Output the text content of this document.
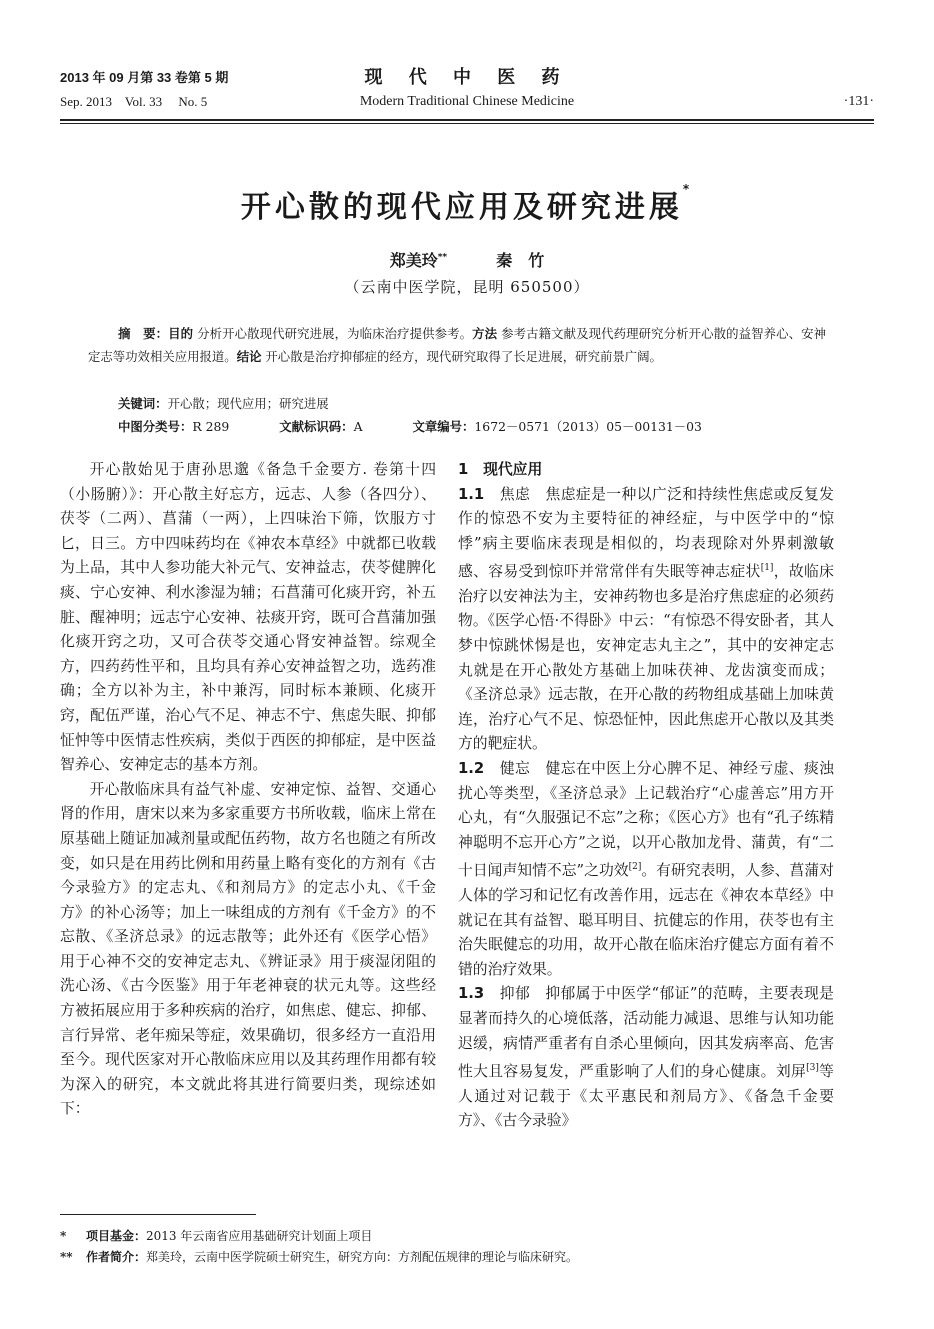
2013 年 09 月第 33 卷第 5 期
Sep. 2013    Vol. 33     No. 5
现 代 中 医 药
Modern Traditional Chinese Medicine	·131·
开心散的现代应用及研究进展*
郑美玲**	秦　竹
（云南中医学院，昆明 650500）
摘　要：目的 分析开心散现代研究进展，为临床治疗提供参考。方法 参考古籍文献及现代药理研究分析开心散的益智养心、安神定志等功效相关应用报道。结论 开心散是治疗抑郁症的经方，现代研究取得了长足进展，研究前景广阔。
关键词：开心散；现代应用；研究进展
中图分类号：R 289	文献标识码：A	文章编号：1672－0571（2013）05－00131－03

开心散始见于唐孙思邈《备急千金要方. 卷第十四（小肠腑）》：开心散主好忘方，远志、人参（各四分）、茯苓（二两）、菖蒲（一两），上四味治下筛，饮服方寸匕，日三。方中四味药均在《神农本草经》中就都已收载为上品，其中人参功能大补元气、安神益志，茯苓健脾化痰、宁心安神、利水渗湿为辅；石菖蒲可化痰开窍，补五脏、醒神明；远志宁心安神、祛痰开窍，既可合菖蒲加强化痰开窍之功，又可合茯苓交通心肾安神益智。综观全方，四药药性平和，且均具有养心安神益智之功，选药准确；全方以补为主，补中兼泻，同时标本兼顾、化痰开窍，配伍严谨，治心气不足、神志不宁、焦虑失眠、抑郁怔忡等中医情志性疾病，类似于西医的抑郁症，是中医益智养心、安神定志的基本方剂。

开心散临床具有益气补虚、安神定惊、益智、交通心肾的作用，唐宋以来为多家重要方书所收载，临床上常在原基础上随证加减剂量或配伍药物，故方名也随之有所改变，如只是在用药比例和用药量上略有变化的方剂有《古今录验方》的定志丸、《和剂局方》的定志小丸、《千金方》的补心汤等；加上一味组成的方剂有《千金方》的不忘散、《圣济总录》的远志散等；此外还有《医学心悟》用于心神不交的安神定志丸、《辨证录》用于痰湿闭阻的洗心汤、《古今医鉴》用于年老神衰的状元丸等。这些经方被拓展应用于多种疾病的治疗，如焦虑、健忘、抑郁、言行异常、老年痴呆等症，效果确切，很多经方一直沿用至今。现代医家对开心散临床应用以及其药理作用都有较为深入的研究，本文就此将其进行简要归类，现综述如下：

1　现代应用

1.1　 焦虑　 焦虑症是一种以广泛和持续性焦虑或反复发作的惊恐不安为主要特征的神经症，与中医学中的“惊悸”病主要临床表现是相似的，均表现除对外界刺激敏感、容易受到惊吓并常常伴有失眠等神志症状[1]，故临床治疗以安神法为主，安神药物也多是治疗焦虑症的必须药物。《医学心悟·不得卧》中云：“有惊恐不得安卧者，其人梦中惊跳怵惕是也，安神定志丸主之”，其中的安神定志丸就是在开心散处方基础上加味茯神、龙齿演变而成；《圣济总录》远志散，在开心散的药物组成基础上加味黄连，治疗心气不足、惊恐怔忡，因此焦虑开心散以及其类方的靶症状。

1.2　 健忘　 健忘在中医上分心脾不足、神经亏虚、痰浊扰心等类型，《圣济总录》上记载治疗“心虚善忘”用方开心丸，有“久服强记不忘”之称；《医心方》也有“孔子练精神聪明不忘开心方”之说，以开心散加龙骨、蒲黄，有“二十日闻声知情不忘”之功效[2]。有研究表明，人参、菖蒲对人体的学习和记忆有改善作用，远志在《神农本草经》中就记在其有益智、聪耳明目、抗健忘的作用，茯苓也有主治失眠健忘的功用，故开心散在临床治疗健忘方面有着不错的治疗效果。

1.3　 抑郁　 抑郁属于中医学“郁证”的范畴，主要表现是显著而持久的心境低落，活动能力减退、思维与认知功能迟缓，病情严重者有自杀心里倾向，因其发病率高、危害性大且容易复发，严重影响了人们的身心健康。刘屏[3]等人通过对记载于《太平惠民和剂局方》、《备急千金要方》、《古今录验》

* 项目基金：2013 年云南省应用基础研究计划面上项目
** 作者简介：郑美玲，云南中医学院硕士研究生，研究方向：方剂配伍规律的理论与临床研究。
